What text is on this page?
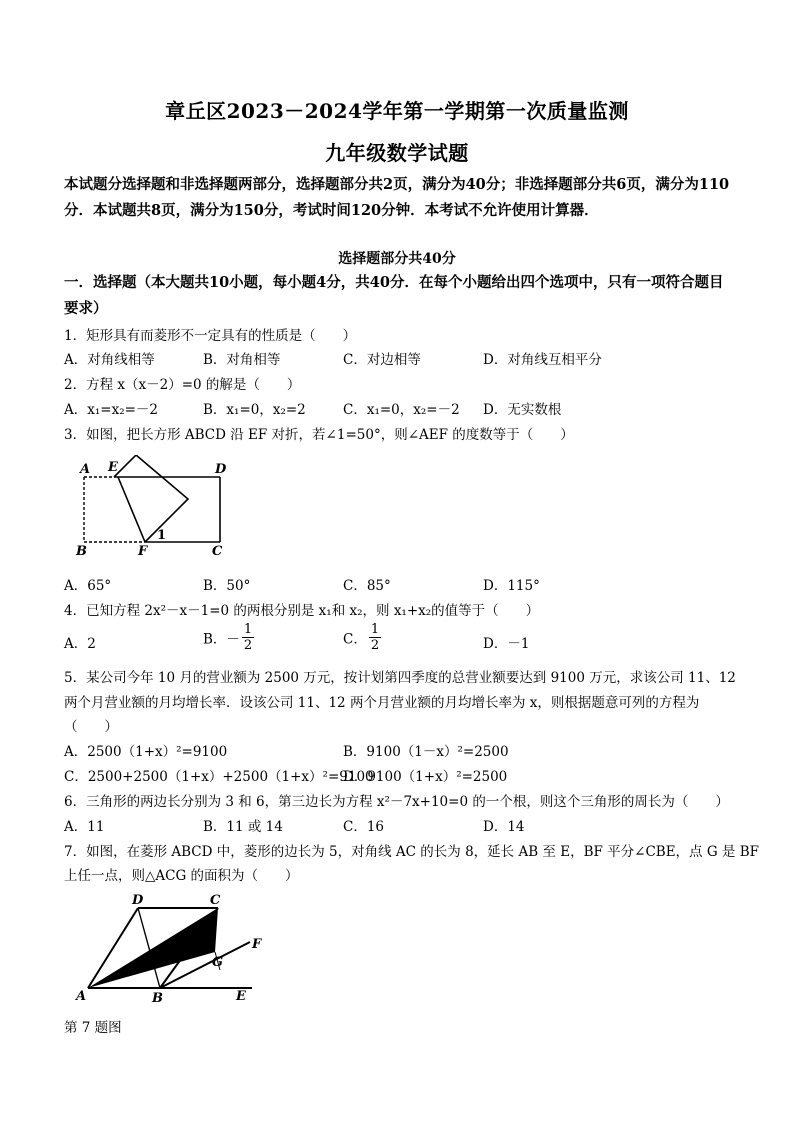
章丘区2023－2024学年第一学期第一次质量监测
九年级数学试题
本试题分选择题和非选择题两部分，选择题部分共2页，满分为40分；非选择题部分共6页，满分为110分．本试题共8页，满分为150分，考试时间120分钟．本考试不允许使用计算器．
选择题部分共40分
一．选择题（本大题共10小题，每小题4分，共40分．在每个小题给出四个选项中，只有一项符合题目要求）
1．矩形具有而菱形不一定具有的性质是（　　）
A．对角线相等	B．对角相等	C．对边相等	D．对角线互相平分
2．方程 x（x－2）=0 的解是（　　）
A．x₁=x₂=－2	B．x₁=0，x₂=2	C．x₁=0，x₂=－2 D．无实数根
3．如图，把长方形 ABCD 沿 EF 对折，若∠1=50°，则∠AEF 的度数等于（　　）
A E	D
B	F	C
1
A．65°	B．50°	C．85°	D．115°
4．已知方程 2x²－x－1=0 的两根分别是 x₁和 x₂，则 x₁+x₂的值等于（　　）
A．2	B．－ $\frac{1}{2}$	C． $\frac{1}{2}$	D．－1
5．某公司今年 10 月的营业额为 2500 万元，按计划第四季度的总营业额要达到 9100 万元，求该公司 11、12
两个月营业额的月均增长率．设该公司 11、12 两个月营业额的月均增长率为 x，则根据题意可列的方程为
（　　）
A．2500（1+x）²=9100	B．9100（1－x）²=2500
C．2500+2500（1+x）+2500（1+x）²=9100
D．9100（1+x）²=2500
6．三角形的两边长分别为 3 和 6，第三边长为方程 x²－7x+10=0 的一个根，则这个三角形的周长为（　　）
A．11	B．11 或 14	C．16	D．14
7．如图，在菱形 ABCD 中，菱形的边长为 5，对角线 AC 的长为 8，延长 AB 至 E，BF 平分∠CBE，点 G 是 BF
上任一点，则△ACG 的面积为（　　）
D	C
F
G
A	B	E
第 7 题图
